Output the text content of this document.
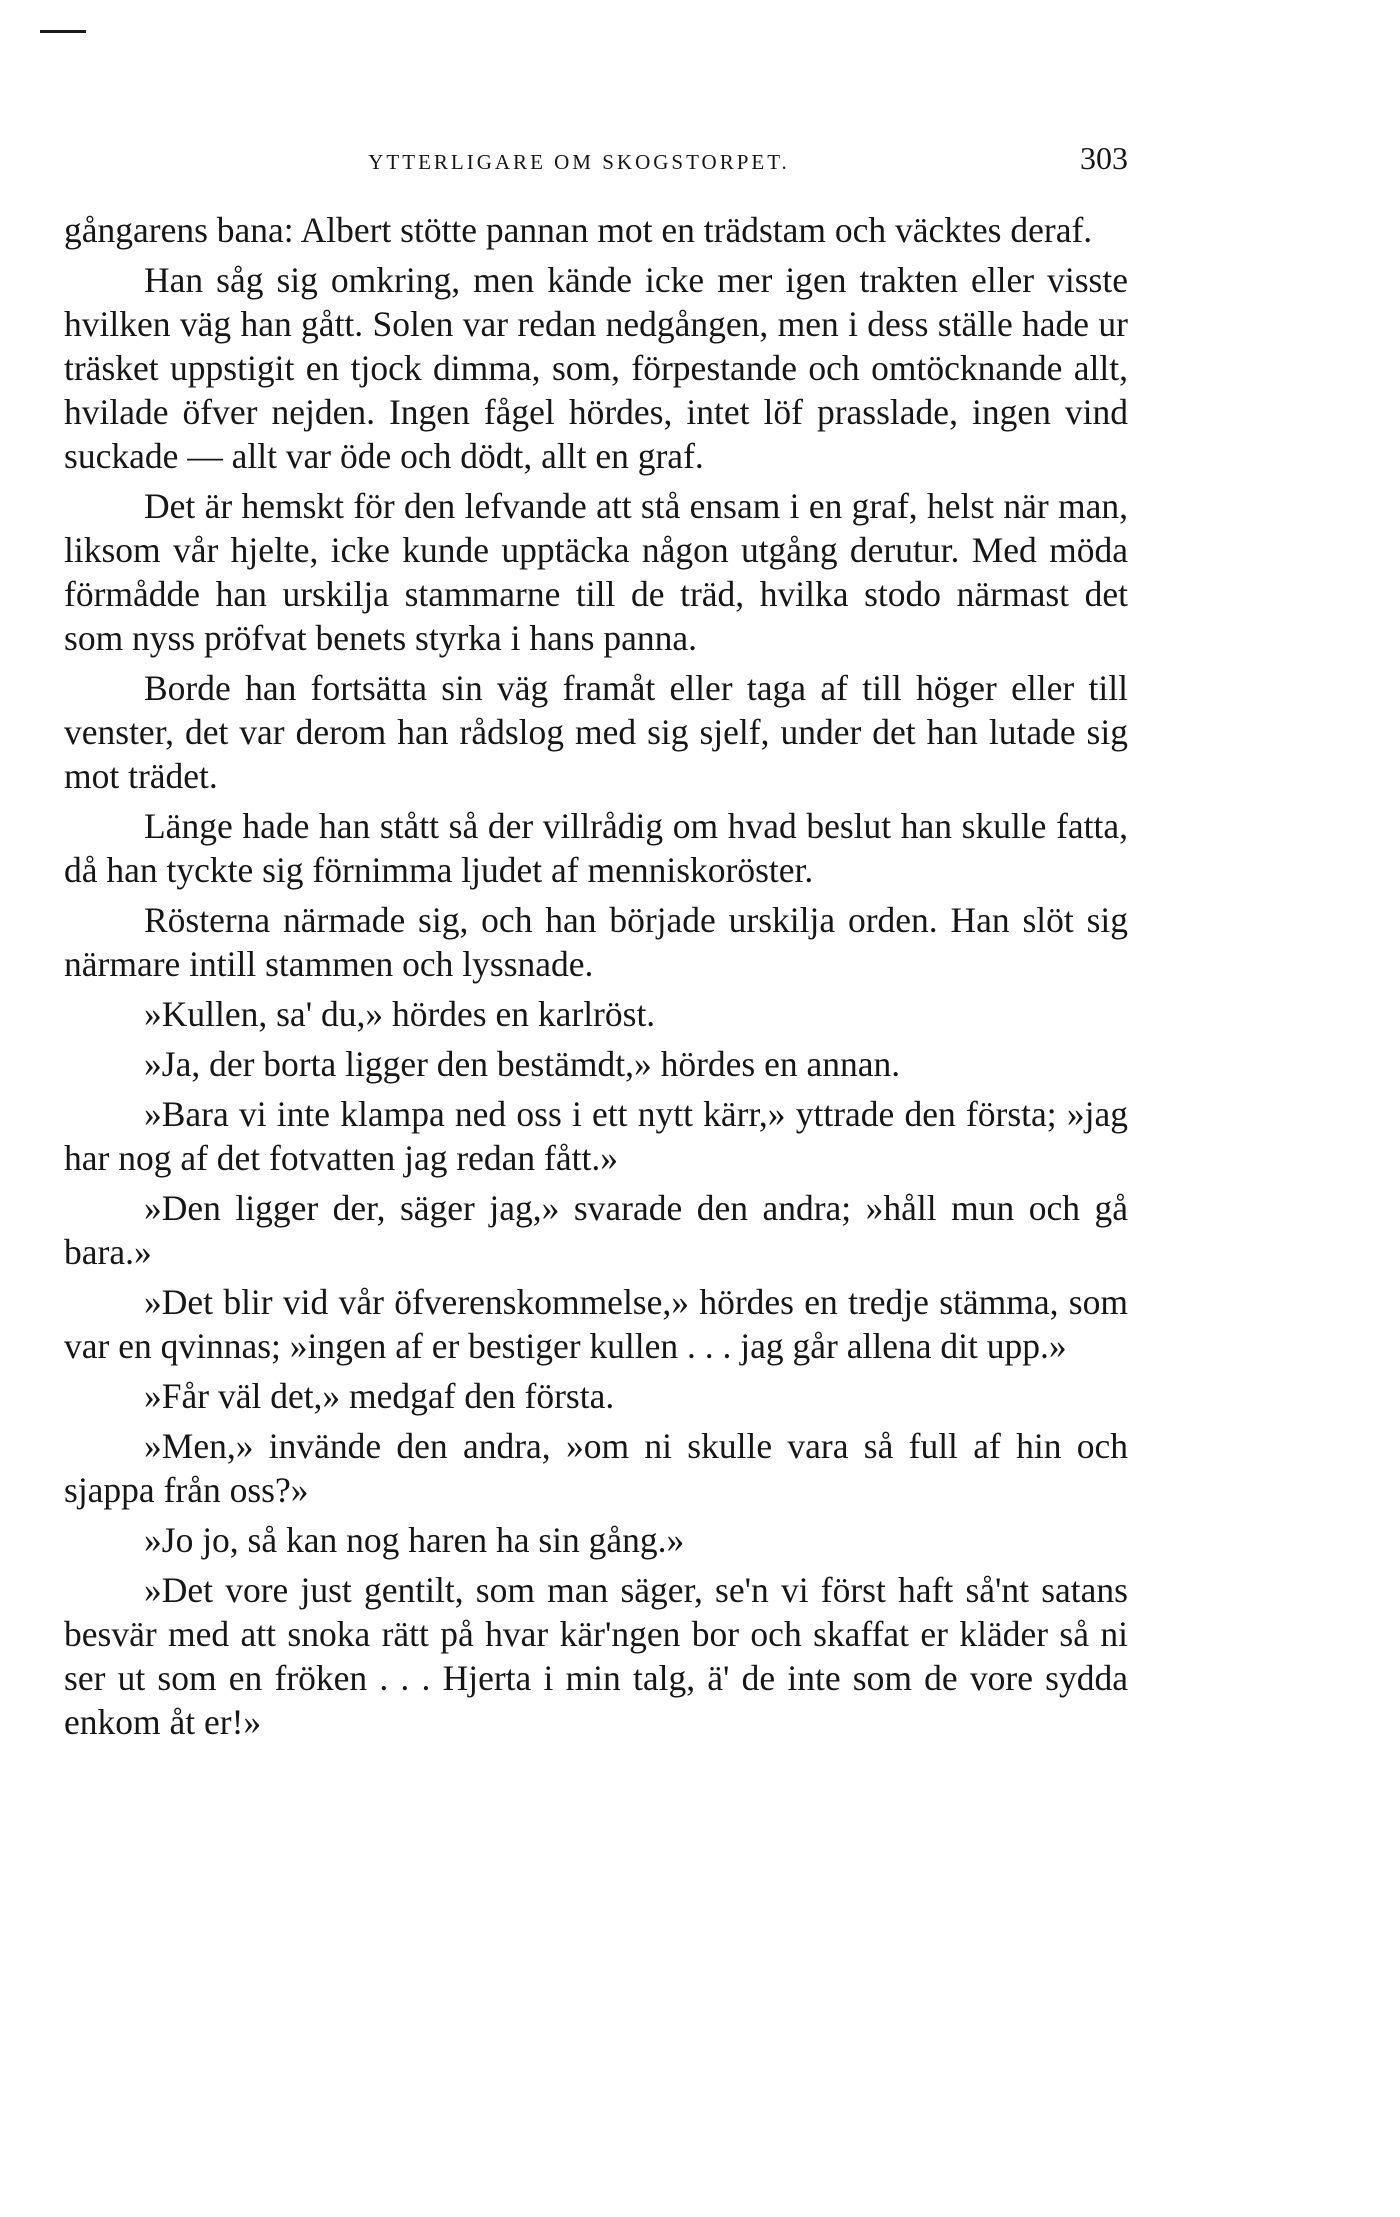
YTTERLIGARE OM SKOGSTORPET.	303

gångarens bana: Albert stötte pannan mot en trädstam och väcktes deraf.

Han såg sig omkring, men kände icke mer igen trakten eller visste hvilken väg han gått. Solen var redan nedgången, men i dess ställe hade ur träsket uppstigit en tjock dimma, som, förpestande och omtöcknande allt, hvilade öfver nejden. Ingen fågel hördes, intet löf prasslade, ingen vind suckade — allt var öde och dödt, allt en graf.

Det är hemskt för den lefvande att stå ensam i en graf, helst när man, liksom vår hjelte, icke kunde upptäcka någon utgång derutur. Med möda förmådde han urskilja stammarne till de träd, hvilka stodo närmast det som nyss pröfvat benets styrka i hans panna.

Borde han fortsätta sin väg framåt eller taga af till höger eller till venster, det var derom han rådslog med sig sjelf, under det han lutade sig mot trädet.

Länge hade han stått så der villrådig om hvad beslut han skulle fatta, då han tyckte sig förnimma ljudet af menniskoröster.

Rösterna närmade sig, och han började urskilja orden. Han slöt sig närmare intill stammen och lyssnade.

»Kullen, sa' du,» hördes en karlröst.

»Ja, der borta ligger den bestämdt,» hördes en annan.

»Bara vi inte klampa ned oss i ett nytt kärr,» yttrade den första; »jag har nog af det fotvatten jag redan fått.»

»Den ligger der, säger jag,» svarade den andra; »håll mun och gå bara.»

»Det blir vid vår öfverenskommelse,» hördes en tredje stämma, som var en qvinnas; »ingen af er bestiger kullen . . . jag går allena dit upp.»

»Får väl det,» medgaf den första.

»Men,» invände den andra, »om ni skulle vara så full af hin och sjappa från oss?»

»Jo jo, så kan nog haren ha sin gång.»

»Det vore just gentilt, som man säger, se'n vi först haft så'nt satans besvär med att snoka rätt på hvar kär'ngen bor och skaffat er kläder så ni ser ut som en fröken . . . Hjerta i min talg, ä' de inte som de vore sydda enkom åt er!»
